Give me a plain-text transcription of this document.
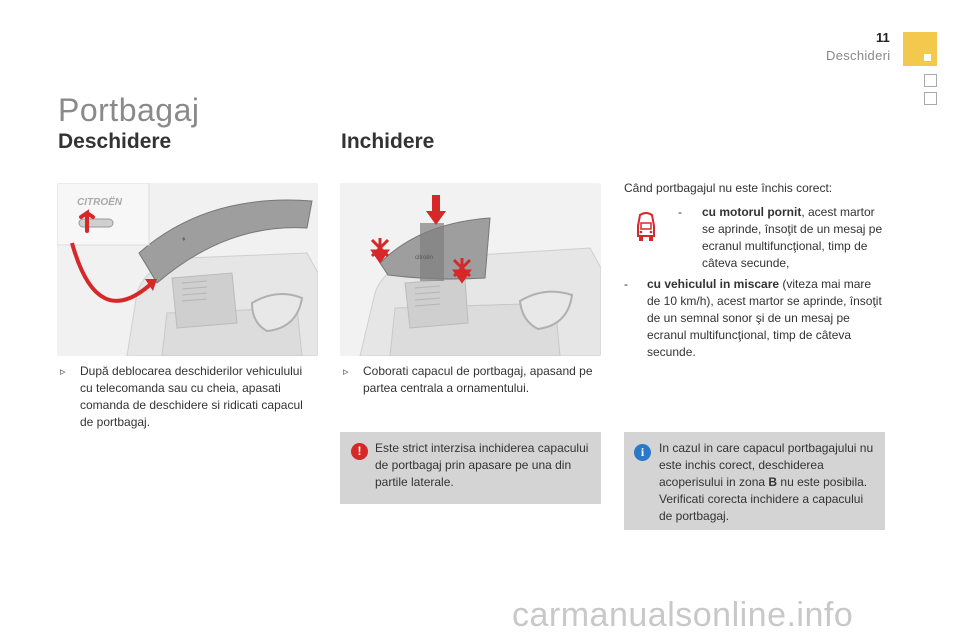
11
Deschideri
Portbagaj
Deschidere	Inchidere
♦
CITROËN
citroën
Când portbagajul nu este închis corect:
-	cu motorul pornit, acest martor se aprinde, însoţit de un mesaj pe ecranul multifuncţional, timp de câteva secunde,
-	cu vehiculul in miscare (viteza mai mare de 10 km/h), acest martor se aprinde, însoţit de un semnal sonor şi de un mesaj pe ecranul multifuncţional, timp de câteva secunde.
▹ După deblocarea deschiderilor vehiculului cu telecomanda sau cu cheia, apasati comanda de deschidere si ridicati capacul de portbagaj.
▹ Coborati capacul de portbagaj, apasand pe partea centrala a ornamentului.
!	Este strict interzisa inchiderea capacului de portbagaj prin apasare pe una din partile laterale.
i	In cazul in care capacul portbagajului nu este inchis corect, deschiderea acoperisului in zona B nu este posibila. Verificati corecta inchidere a capacului de portbagaj.
carmanualsonline.info
